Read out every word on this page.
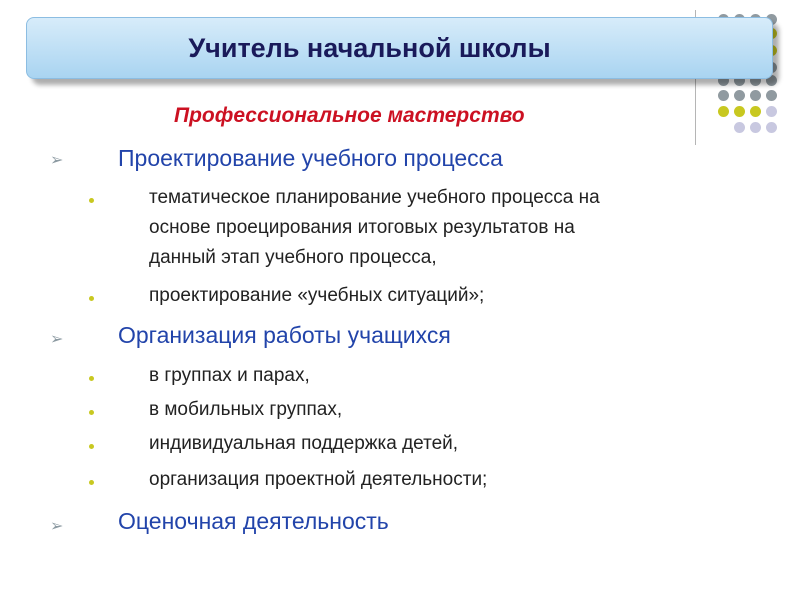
Учитель начальной школы
Профессиональное мастерство
➢ Проектирование учебного процесса
тематическое планирование учебного процесса на
основе проецирования итоговых результатов на
данный этап учебного процесса,
проектирование «учебных ситуаций»;
➢ Организация работы учащихся
в группах и парах,
в мобильных группах,
индивидуальная поддержка детей,
организация проектной деятельности;
➢ Оценочная деятельность
